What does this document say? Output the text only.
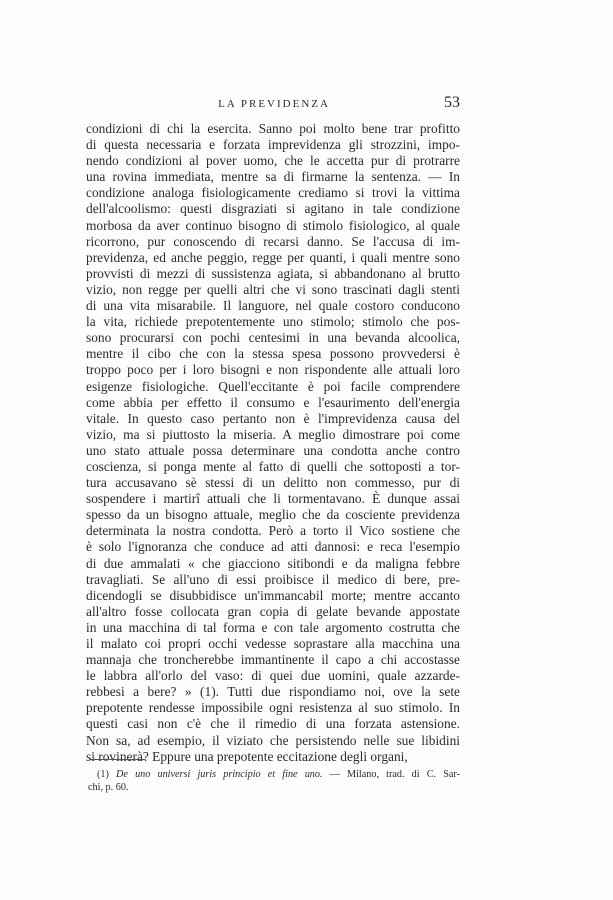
LA PREVIDENZA	53
condizioni di chi la esercita. Sanno poi molto bene trar profitto
di questa necessaria e forzata imprevidenza gli strozzini, impo-
nendo condizioni al pover uomo, che le accetta pur di protrarre
una rovina immediata, mentre sa di firmarne la sentenza. — In
condizione analoga fisiologicamente crediamo si trovi la vittima
dell'alcoolismo: questi disgraziati si agitano in tale condizione
morbosa da aver continuo bisogno di stimolo fisiologico, al quale
ricorrono, pur conoscendo di recarsi danno. Se l'accusa di im-
previdenza, ed anche peggio, regge per quanti, i quali mentre sono
provvisti di mezzi di sussistenza agiata, si abbandonano al brutto
vizio, non regge per quelli altri che vi sono trascinati dagli stenti
di una vita misarabile. Il languore, nel quale costoro conducono
la vita, richiede prepotentemente uno stimolo; stimolo che pos-
sono procurarsi con pochi centesimi in una bevanda alcoolica,
mentre il cibo che con la stessa spesa possono provvedersi è
troppo poco per i loro bisogni e non rispondente alle attuali loro
esigenze fisiologiche. Quell'eccitante è poi facile comprendere
come abbia per effetto il consumo e l'esaurimento dell'energia
vitale. In questo caso pertanto non è l'imprevidenza causa del
vizio, ma si piuttosto la miseria. A meglio dimostrare poi come
uno stato attuale possa determinare una condotta anche contro
coscienza, si ponga mente al fatto di quelli che sottoposti a tor-
tura accusavano sè stessi di un delitto non commesso, pur di
sospendere i martirî attuali che li tormentavano. È dunque assai
spesso da un bisogno attuale, meglio che da cosciente previdenza
determinata la nostra condotta. Però a torto il Vico sostiene che
è solo l'ignoranza che conduce ad atti dannosi: e reca l'esempio
di due ammalati « che giacciono sitibondi e da maligna febbre
travagliati. Se all'uno di essi proibisce il medico di bere, pre-
dicendogli se disubbidisce un'immancabil morte; mentre accanto
all'altro fosse collocata gran copia di gelate bevande appostate
in una macchina di tal forma e con tale argomento costrutta che
il malato coi propri occhi vedesse soprastare alla macchina una
mannaja che troncherebbe immantinente il capo a chi accostasse
le labbra all'orlo del vaso: di quei due uomini, quale azzarde-
rebbesi a bere? » (1). Tutti due rispondiamo noi, ove la sete
prepotente rendesse impossibile ogni resistenza al suo stimolo. In
questi casi non c'è che il rimedio di una forzata astensione.
Non sa, ad esempio, il viziato che persistendo nelle sue libidini
si rovinerà? Eppure una prepotente eccitazione degli organi,
(1) De uno universi juris principio et fine uno. — Milano, trad. di C. Sar-
chi, p. 60.
